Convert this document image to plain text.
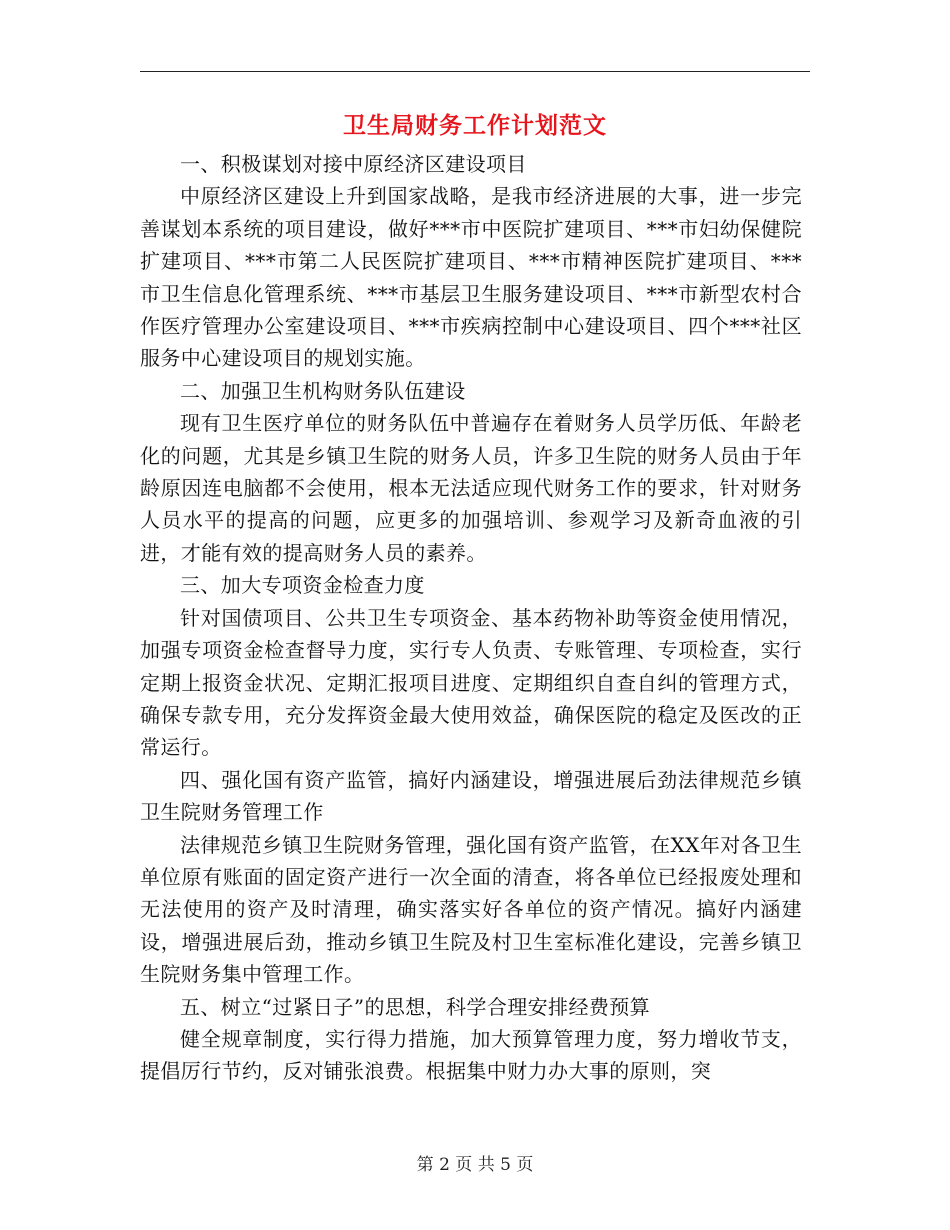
卫生局财务工作计划范文

一、积极谋划对接中原经济区建设项目

中原经济区建设上升到国家战略，是我市经济进展的大事，进一步完善谋划本系统的项目建设，做好***市中医院扩建项目、***市妇幼保健院扩建项目、***市第二人民医院扩建项目、***市精神医院扩建项目、***市卫生信息化管理系统、***市基层卫生服务建设项目、***市新型农村合作医疗管理办公室建设项目、***市疾病控制中心建设项目、四个***社区服务中心建设项目的规划实施。

二、加强卫生机构财务队伍建设

现有卫生医疗单位的财务队伍中普遍存在着财务人员学历低、年龄老化的问题，尤其是乡镇卫生院的财务人员，许多卫生院的财务人员由于年龄原因连电脑都不会使用，根本无法适应现代财务工作的要求，针对财务人员水平的提高的问题，应更多的加强培训、参观学习及新奇血液的引进，才能有效的提高财务人员的素养。

三、加大专项资金检查力度

针对国债项目、公共卫生专项资金、基本药物补助等资金使用情况，加强专项资金检查督导力度，实行专人负责、专账管理、专项检查，实行定期上报资金状况、定期汇报项目进度、定期组织自查自纠的管理方式，确保专款专用，充分发挥资金最大使用效益，确保医院的稳定及医改的正常运行。

四、强化国有资产监管，搞好内涵建设，增强进展后劲法律规范乡镇卫生院财务管理工作

法律规范乡镇卫生院财务管理，强化国有资产监管，在XX年对各卫生单位原有账面的固定资产进行一次全面的清查，将各单位已经报废处理和无法使用的资产及时清理，确实落实好各单位的资产情况。搞好内涵建设，增强进展后劲，推动乡镇卫生院及村卫生室标准化建设，完善乡镇卫生院财务集中管理工作。

五、树立“过紧日子”的思想，科学合理安排经费预算

健全规章制度，实行得力措施，加大预算管理力度，努力增收节支，提倡厉行节约，反对铺张浪费。根据集中财力办大事的原则，突

第 2 页 共 5 页
